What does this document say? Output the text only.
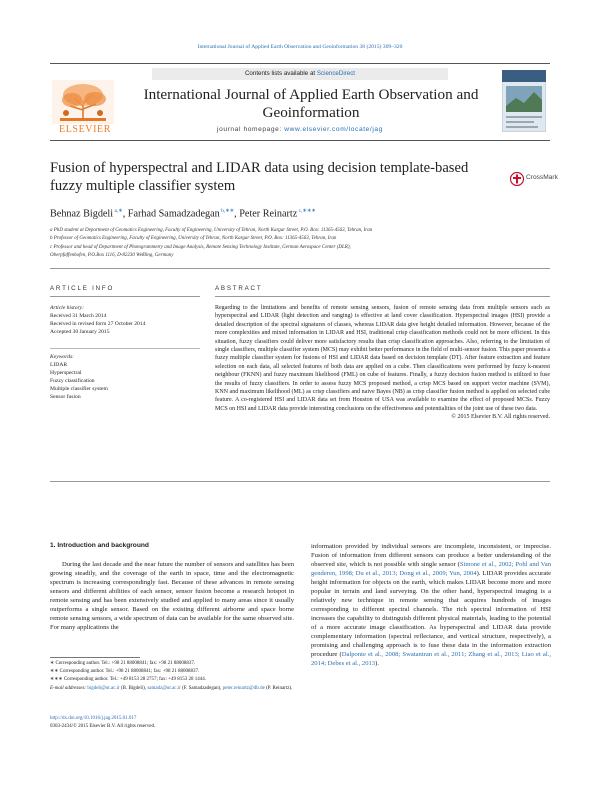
International Journal of Applied Earth Observation and Geoinformation 38 (2015) 309–320
Contents lists available at ScienceDirect
ELSEVIER
International Journal of Applied Earth Observation and Geoinformation
journal homepage: www.elsevier.com/locate/jag
Fusion of hyperspectral and LIDAR data using decision template-based fuzzy multiple classifier system	CrossMark
Behnaz Bigdeli $^{a,∗}$, Farhad Samadzadegan $^{b,∗∗}$, Peter Reinartz $^{c,∗∗∗}$
a PhD student at Department of Geomatics Engineering, Faculty of Engineering, University of Tehran, North Kargar Street, P.O. Box: 11365-4563, Tehran, Iran
b Professor of Geomatics Engineering, Faculty of Engineering, University of Tehran, North Kargar Street, P.O. Box: 11365-4563, Tehran, Iran
c Professor and head of Department of Photogrammetry and Image Analysis, Remote Sensing Technology Institute, German Aerospace Center (DLR),
Oberpfaffenhofen, P.O.Box 1116, D-82230 Weßling, Germany
ARTICLE INFO	ABSTRACT
Article history:
Received 31 March 2014
Received in revised form 27 October 2014
Accepted 30 January 2015
Keywords:
LIDAR
Hyperspectral
Fuzzy classification
Multiple classifier system
Sensor fusion

Regarding to the limitations and benefits of remote sensing sensors, fusion of remote sensing data from multiple sensors such as hyperspectral and LIDAR (light detection and ranging) is effective at land cover classification. Hyperspectral images (HSI) provide a detailed description of the spectral signatures of classes, whereas LIDAR data give height detailed information. However, because of the more complexities and mixed information in LIDAR and HSI, traditional crisp classification methods could not be more efficient. In this situation, fuzzy classifiers could deliver more satisfactory results than crisp classification approaches. Also, referring to the limitation of single classifiers, multiple classifier system (MCS) may exhibit better performance in the field of multi-sensor fusion. This paper presents a fuzzy multiple classifier system for fusions of HSI and LIDAR data based on decision template (DT). After feature extraction and feature selection on each data, all selected features of both data are applied on a cube. Then classifications were performed by fuzzy k-nearest neighbour (FKNN) and fuzzy maximum likelihood (FML) on cube of features. Finally, a fuzzy decision fusion method is utilized to fuse the results of fuzzy classifiers. In order to assess fuzzy MCS proposed method, a crisp MCS based on support vector machine (SVM), KNN and maximum likelihood (ML) as crisp classifiers and naive Bayes (NB) as crisp classifier fusion method is applied on selected cube feature. A co-registered HSI and LIDAR data set from Houston of USA was available to examine the effect of proposed MCSs. Fuzzy MCS on HSI and LIDAR data provide interesting conclusions on the effectiveness and potentialities of the joint use of these two data.

© 2015 Elsevier B.V. All rights reserved.

1. Introduction and background

During the last decade and the near future the number of sensors and satellites has been growing steadily, and the coverage of the earth in space, time and the electromagnetic spectrum is increasing correspondingly fast. Because of these advances in remote sensing sensors and different abilities of each sensor, sensor fusion become a research hotspot in remote sensing and has been extensively studied and applied to many areas since it usually outperforms a single sensor. Based on the existing different airborne and space borne remote sensing sensors, a wide spectrum of data can be available for the same observed site. For many applications the

information provided by individual sensors are incomplete, inconsistent, or imprecise. Fusion of information from different sensors can produce a better understanding of the observed site, which is not possible with single sensor (Simone et al., 2002; Pohl and Van genderen, 1998; Du et al., 2013; Dong et al., 2009; Yun, 2004). LIDAR provides accurate height information for objects on the earth, which makes LIDAR become more and more popular in terrain and land surveying. On the other hand, hyperspectral imaging is a relatively new technique in remote sensing that acquires hundreds of images corresponding to different spectral channels. The rich spectral information of HSI increases the capability to distinguish different physical materials, leading to the potential of a more accurate image classification. As hyperspectral and LIDAR data provide complementary information (spectral reflectance, and vertical structure, respectively), a promising and challenging approach is to fuse these data in the information extraction procedure (Dalponte et al., 2008; Swatantran et al., 2011; Zhang et al., 2013; Liao et al., 2014; Debes et al., 2013).

∗ Corresponding author. Tel.: +98 21 88008841; fax: +98 21 88008837.
∗∗ Corresponding author. Tel.: +98 21 88008841; fax: +98 21 88008837.
∗∗∗ Corresponding author. Tel.: +49 8153 28 2757; fax: +49 8153 28 1444.
E-mail addresses: bigdeli@ut.ac.ir (B. Bigdeli), samadz@ut.ac.ir (F. Samadzadegan), peter.reinartz@dlr.de (P. Reinartz).
http://dx.doi.org/10.1016/j.jag.2015.01.017
0303-2434/© 2015 Elsevier B.V. All rights reserved.
